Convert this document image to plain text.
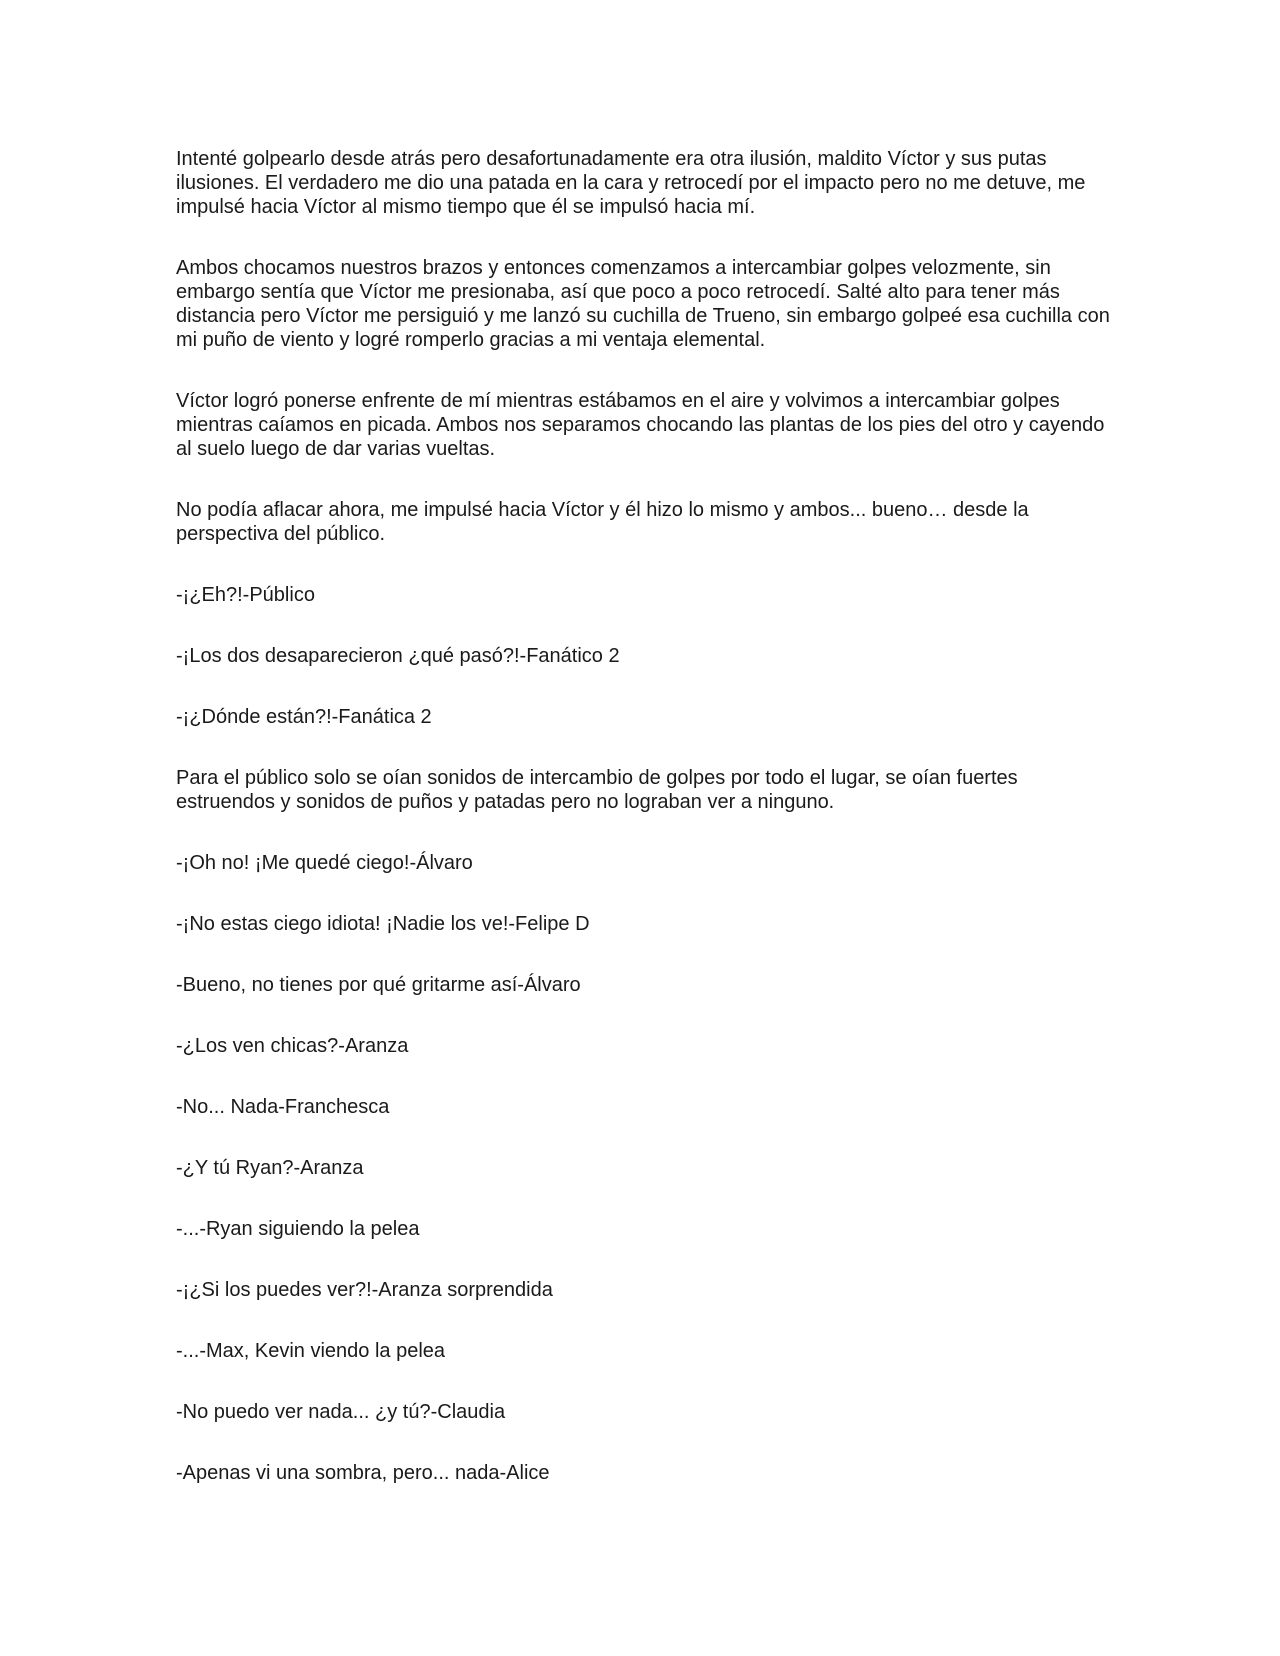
Intenté golpearlo desde atrás pero desafortunadamente era otra ilusión, maldito Víctor y sus putas ilusiones. El verdadero me dio una patada en la cara y retrocedí por el impacto pero no me detuve, me impulsé hacia Víctor al mismo tiempo que él se impulsó hacia mí.

Ambos chocamos nuestros brazos y entonces comenzamos a intercambiar golpes velozmente, sin embargo sentía que Víctor me presionaba, así que poco a poco retrocedí. Salté alto para tener más distancia pero Víctor me persiguió y me lanzó su cuchilla de Trueno, sin embargo golpeé esa cuchilla con mi puño de viento y logré romperlo gracias a mi ventaja elemental.

Víctor logró ponerse enfrente de mí mientras estábamos en el aire y volvimos a intercambiar golpes mientras caíamos en picada. Ambos nos separamos chocando las plantas de los pies del otro y cayendo al suelo luego de dar varias vueltas.

No podía aflacar ahora, me impulsé hacia Víctor y él hizo lo mismo y ambos... bueno… desde la perspectiva del público.

-¡¿Eh?!-Público

-¡Los dos desaparecieron ¿qué pasó?!-Fanático 2

-¡¿Dónde están?!-Fanática 2

Para el público solo se oían sonidos de intercambio de golpes por todo el lugar, se oían fuertes estruendos y sonidos de puños y patadas pero no lograban ver a ninguno.

-¡Oh no! ¡Me quedé ciego!-Álvaro

-¡No estas ciego idiota! ¡Nadie los ve!-Felipe D

-Bueno, no tienes por qué gritarme así-Álvaro

-¿Los ven chicas?-Aranza

-No... Nada-Franchesca

-¿Y tú Ryan?-Aranza

-...-Ryan siguiendo la pelea

-¡¿Si los puedes ver?!-Aranza sorprendida

-...-Max, Kevin viendo la pelea

-No puedo ver nada... ¿y tú?-Claudia

-Apenas vi una sombra, pero... nada-Alice
